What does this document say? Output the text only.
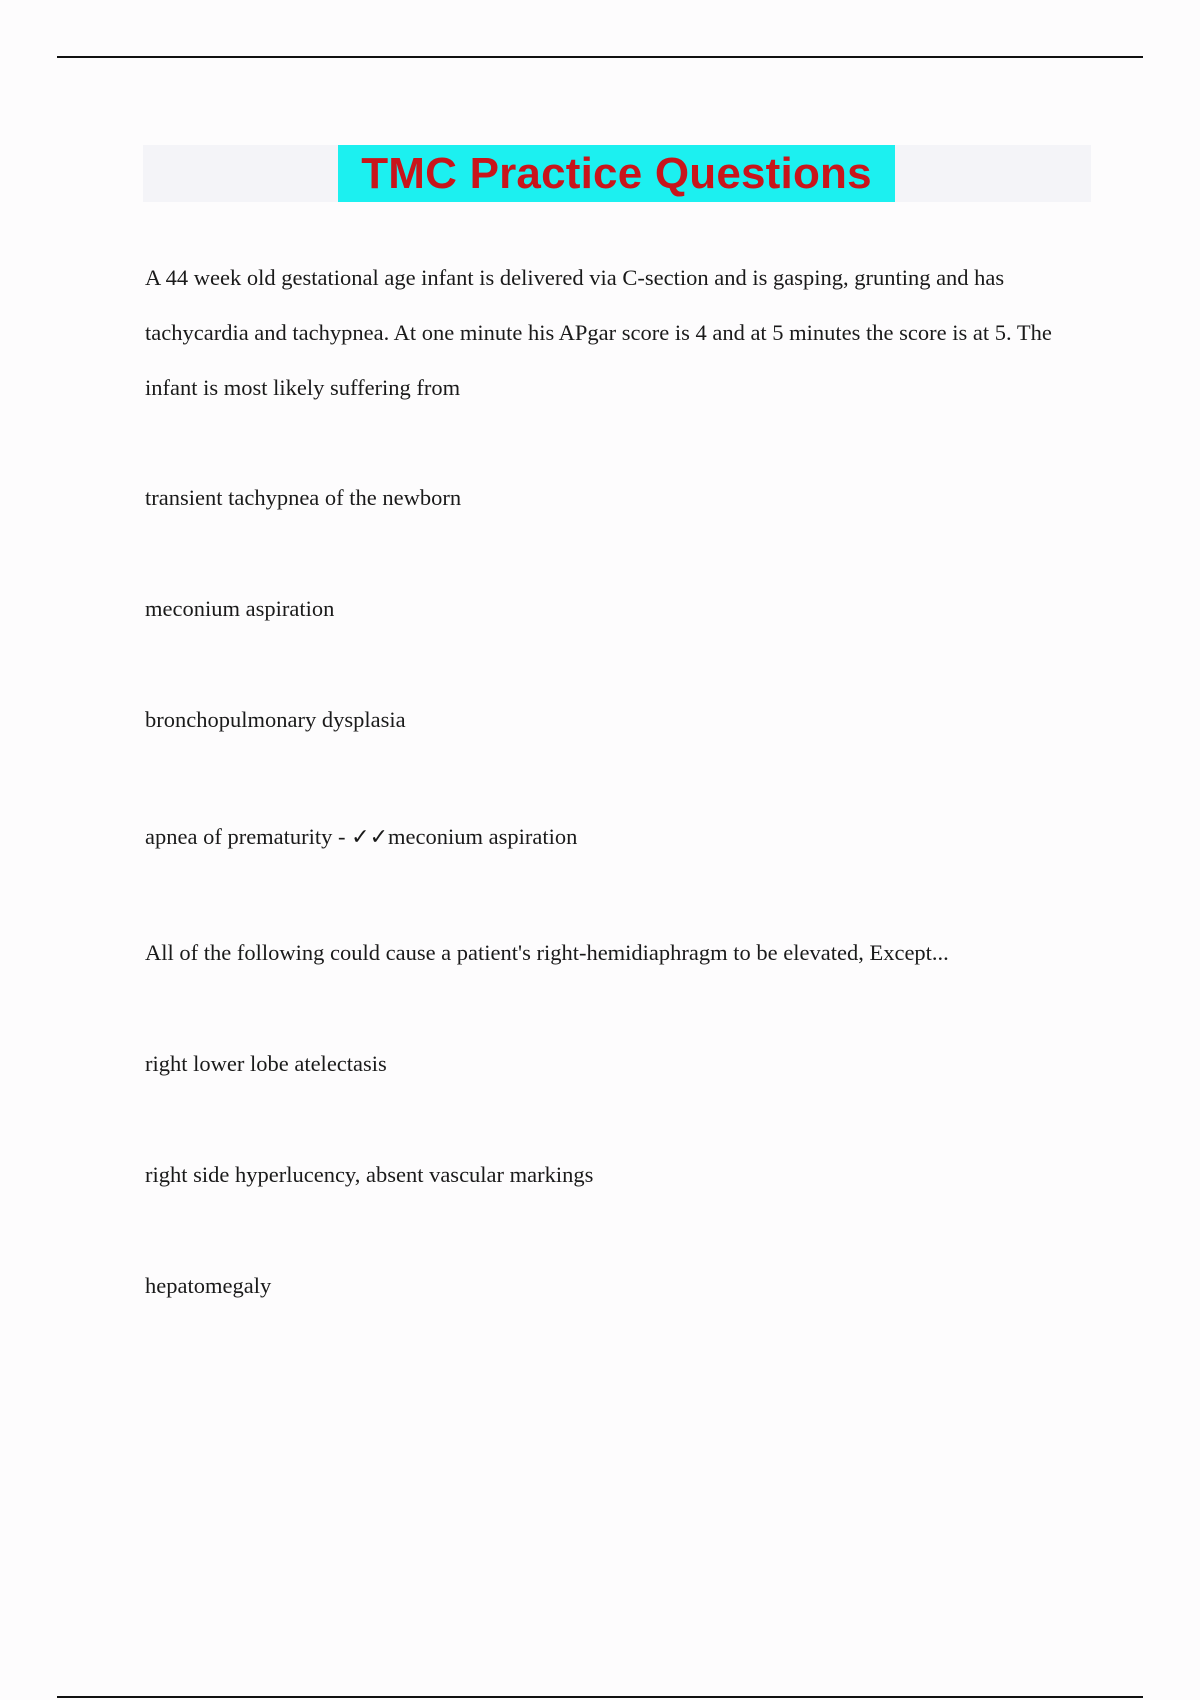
TMC Practice Questions

A 44 week old gestational age infant is delivered via C-section and is gasping, grunting and has tachycardia and tachypnea. At one minute his APgar score is 4 and at 5 minutes the score is at 5. The infant is most likely suffering from

transient tachypnea of the newborn

meconium aspiration

bronchopulmonary dysplasia

apnea of prematurity - ✓✓meconium aspiration

All of the following could cause a patient's right-hemidiaphragm to be elevated, Except...

right lower lobe atelectasis

right side hyperlucency, absent vascular markings

hepatomegaly
